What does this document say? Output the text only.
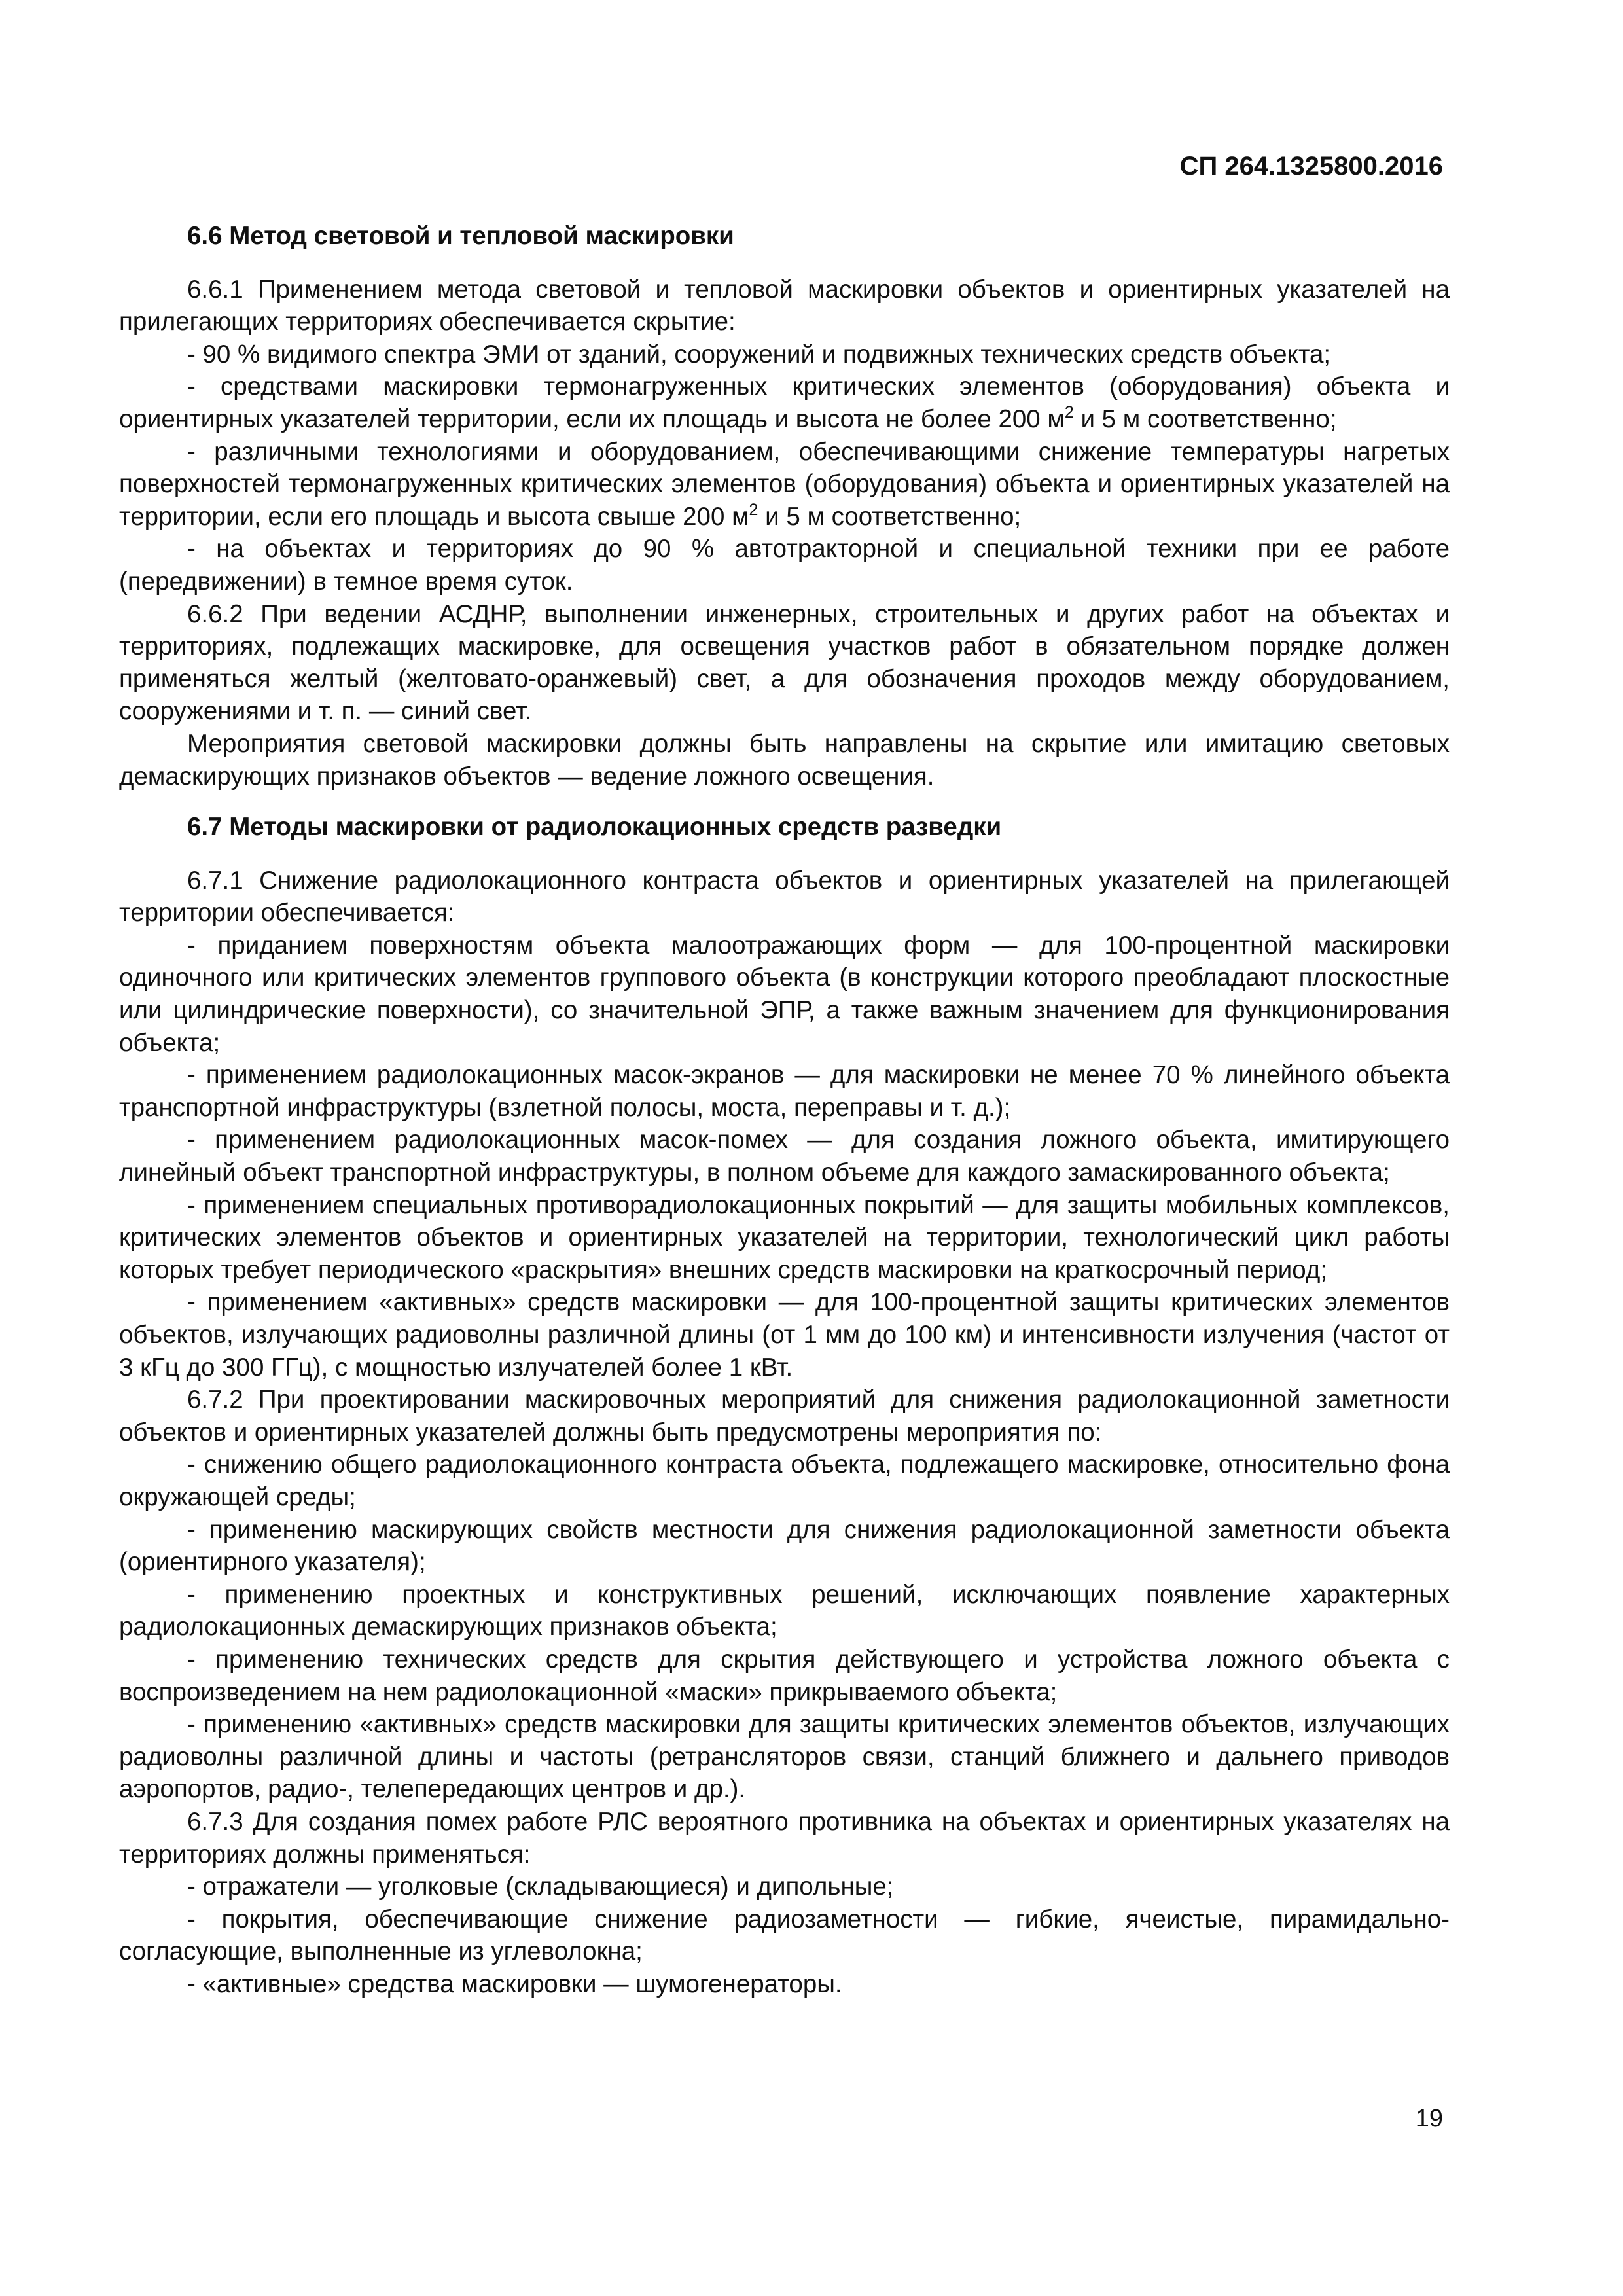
СП 264.1325800.2016
6.6 Метод световой и тепловой маскировки

6.6.1 Применением метода световой и тепловой маскировки объектов и ориентирных указателей на прилегающих территориях обеспечивается скрытие:

- 90 % видимого спектра ЭМИ от зданий, сооружений и подвижных технических средств объекта;

- средствами маскировки термонагруженных критических элементов (оборудования) объекта и ориентирных указателей территории, если их площадь и высота не более 200 $м^2$ и 5 м соответственно;

- различными технологиями и оборудованием, обеспечивающими снижение температуры нагретых поверхностей термонагруженных критических элементов (оборудования) объекта и ориентирных указателей на территории, если его площадь и высота свыше 200 $м^2$ и 5 м соответственно;

- на объектах и территориях до 90 % автотракторной и специальной техники при ее работе (передвижении) в темное время суток.

6.6.2 При ведении АСДНР, выполнении инженерных, строительных и других работ на объектах и территориях, подлежащих маскировке, для освещения участков работ в обязательном порядке должен применяться желтый (желтовато-оранжевый) свет, а для обозначения проходов между оборудованием, сооружениями и т. п. — синий свет.

Мероприятия световой маскировки должны быть направлены на скрытие или имитацию световых демаскирующих признаков объектов — ведение ложного освещения.

6.7 Методы маскировки от радиолокационных средств разведки

6.7.1 Снижение радиолокационного контраста объектов и ориентирных указателей на прилегающей территории обеспечивается:

- приданием поверхностям объекта малоотражающих форм — для 100-процентной маскировки одиночного или критических элементов группового объекта (в конструкции которого преобладают плоскостные или цилиндрические поверхности), со значительной ЭПР, а также важным значением для функционирования объекта;

- применением радиолокационных масок-экранов — для маскировки не менее 70 % линейного объекта транспортной инфраструктуры (взлетной полосы, моста, переправы и т. д.);

- применением радиолокационных масок-помех — для создания ложного объекта, имитирующего линейный объект транспортной инфраструктуры, в полном объеме для каждого замаскированного объекта;

- применением специальных противорадиолокационных покрытий — для защиты мобильных комплексов, критических элементов объектов и ориентирных указателей на территории, технологический цикл работы которых требует периодического «раскрытия» внешних средств маскировки на краткосрочный период;

- применением «активных» средств маскировки — для 100-процентной защиты критических элементов объектов, излучающих радиоволны различной длины (от 1 мм до 100 км) и интенсивности излучения (частот от 3 кГц до 300 ГГц), с мощностью излучателей более 1 кВт.

6.7.2 При проектировании маскировочных мероприятий для снижения радиолокационной заметности объектов и ориентирных указателей должны быть предусмотрены мероприятия по:

- снижению общего радиолокационного контраста объекта, подлежащего маскировке, относительно фона окружающей среды;

- применению маскирующих свойств местности для снижения радиолокационной заметности объекта (ориентирного указателя);

- применению проектных и конструктивных решений, исключающих появление характерных радиолокационных демаскирующих признаков объекта;

- применению технических средств для скрытия действующего и устройства ложного объекта с воспроизведением на нем радиолокационной «маски» прикрываемого объекта;

- применению «активных» средств маскировки для защиты критических элементов объектов, излучающих радиоволны различной длины и частоты (ретрансляторов связи, станций ближнего и дальнего приводов аэропортов, радио-, телепередающих центров и др.).

6.7.3 Для создания помех работе РЛС вероятного противника на объектах и ориентирных указателях на территориях должны применяться:

- отражатели — уголковые (складывающиеся) и дипольные;

- покрытия, обеспечивающие снижение радиозаметности — гибкие, ячеистые, пирамидально-согласующие, выполненные из углеволокна;

- «активные» средства маскировки — шумогенераторы.

19
